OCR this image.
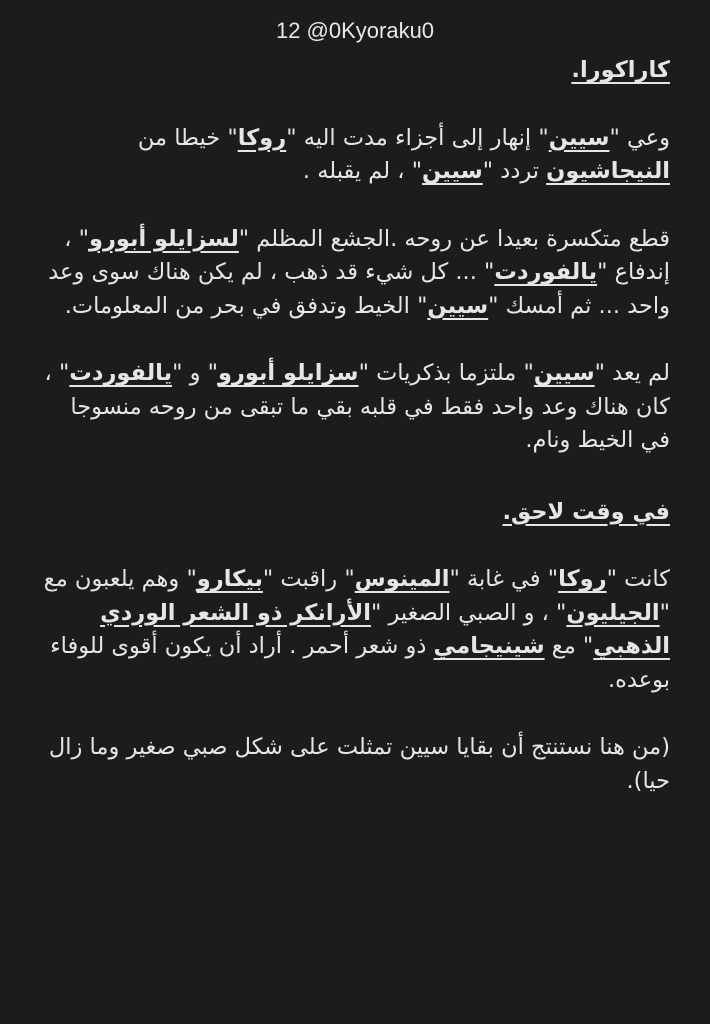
12 @0Kyoraku0

كاراكورا.

وعي "سيين" إنهار إلى أجزاء مدت اليه "روكا" خيطا من النيجاشيون تردد "سيين" ، لم يقبله .

قطع متكسرة بعيدا عن روحه .الجشع المظلم "لسزايلو أبورو" ، إندفاع "يالفوردت" ... كل شيء قد ذهب ، لم يكن هناك سوى وعد واحد ... ثم أمسك "سيين" الخيط وتدفق في بحر من المعلومات.

لم يعد "سيين" ملتزما بذكريات "سزايلو أبورو" و "يالفوردت" ، كان هناك وعد واحد فقط في قلبه بقي ما تبقى من روحه منسوجا في الخيط ونام.

في وقت لاحق.

كانت "روكا" في غابة "المينوس" راقبت "بيكارو" وهم يلعبون مع "الجيليون" ، و الصبي الصغير "الأرانكر ذو الشعر الوردي الذهبي" مع شينيجامي ذو شعر أحمر . أراد أن يكون أقوى للوفاء بوعده.

(من هنا نستنتج أن بقايا سيين تمثلت على شكل صبي صغير وما زال حيا).
